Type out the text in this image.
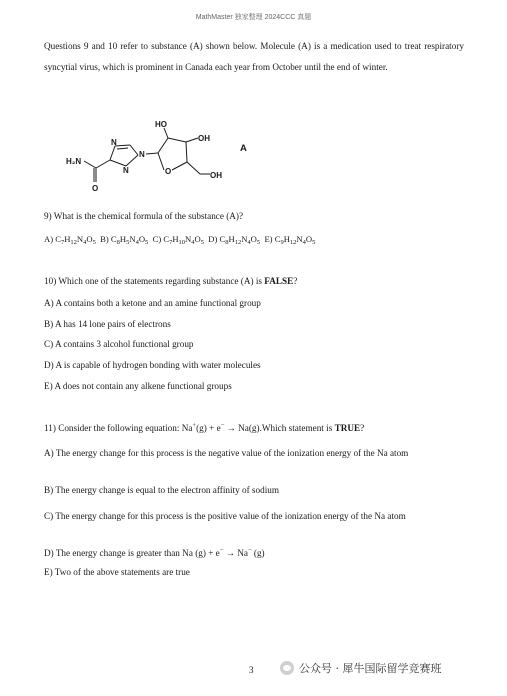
MathMaster 独家整理 2024CCC 真题
Questions 9 and 10 refer to substance (A) shown below. Molecule (A) is a medication used to treat respiratory syncytial virus, which is prominent in Canada each year from October until the end of winter.
H₂N
O
N
N
N
HO
OH
O	OH
A
9) What is the chemical formula of the substance (A)?
A) $C_7H_{12}N_4O_5$ B) $C_8H_5N_4O_5$ C) $C_7H_{10}N_4O_5$ D) $C_8H_{12}N_4O_5$ E) $C_9H_{12}N_4O_5$
10) Which one of the statements regarding substance (A) is FALSE?
A) A contains both a ketone and an amine functional group
B) A has 14 lone pairs of electrons
C) A contains 3 alcohol functional group
D) A is capable of hydrogen bonding with water molecules
E) A does not contain any alkene functional groups
11) Consider the following equation: Na+(g) + e− → Na(g).Which statement is TRUE?
A) The energy change for this process is the negative value of the ionization energy of the Na atom
B) The energy change is equal to the electron affinity of sodium
C) The energy change for this process is the positive value of the ionization energy of the Na atom
D) The energy change is greater than Na (g) + e− → Na− (g)
E) Two of the above statements are true
3	公众号 · 犀牛国际留学竞赛班
